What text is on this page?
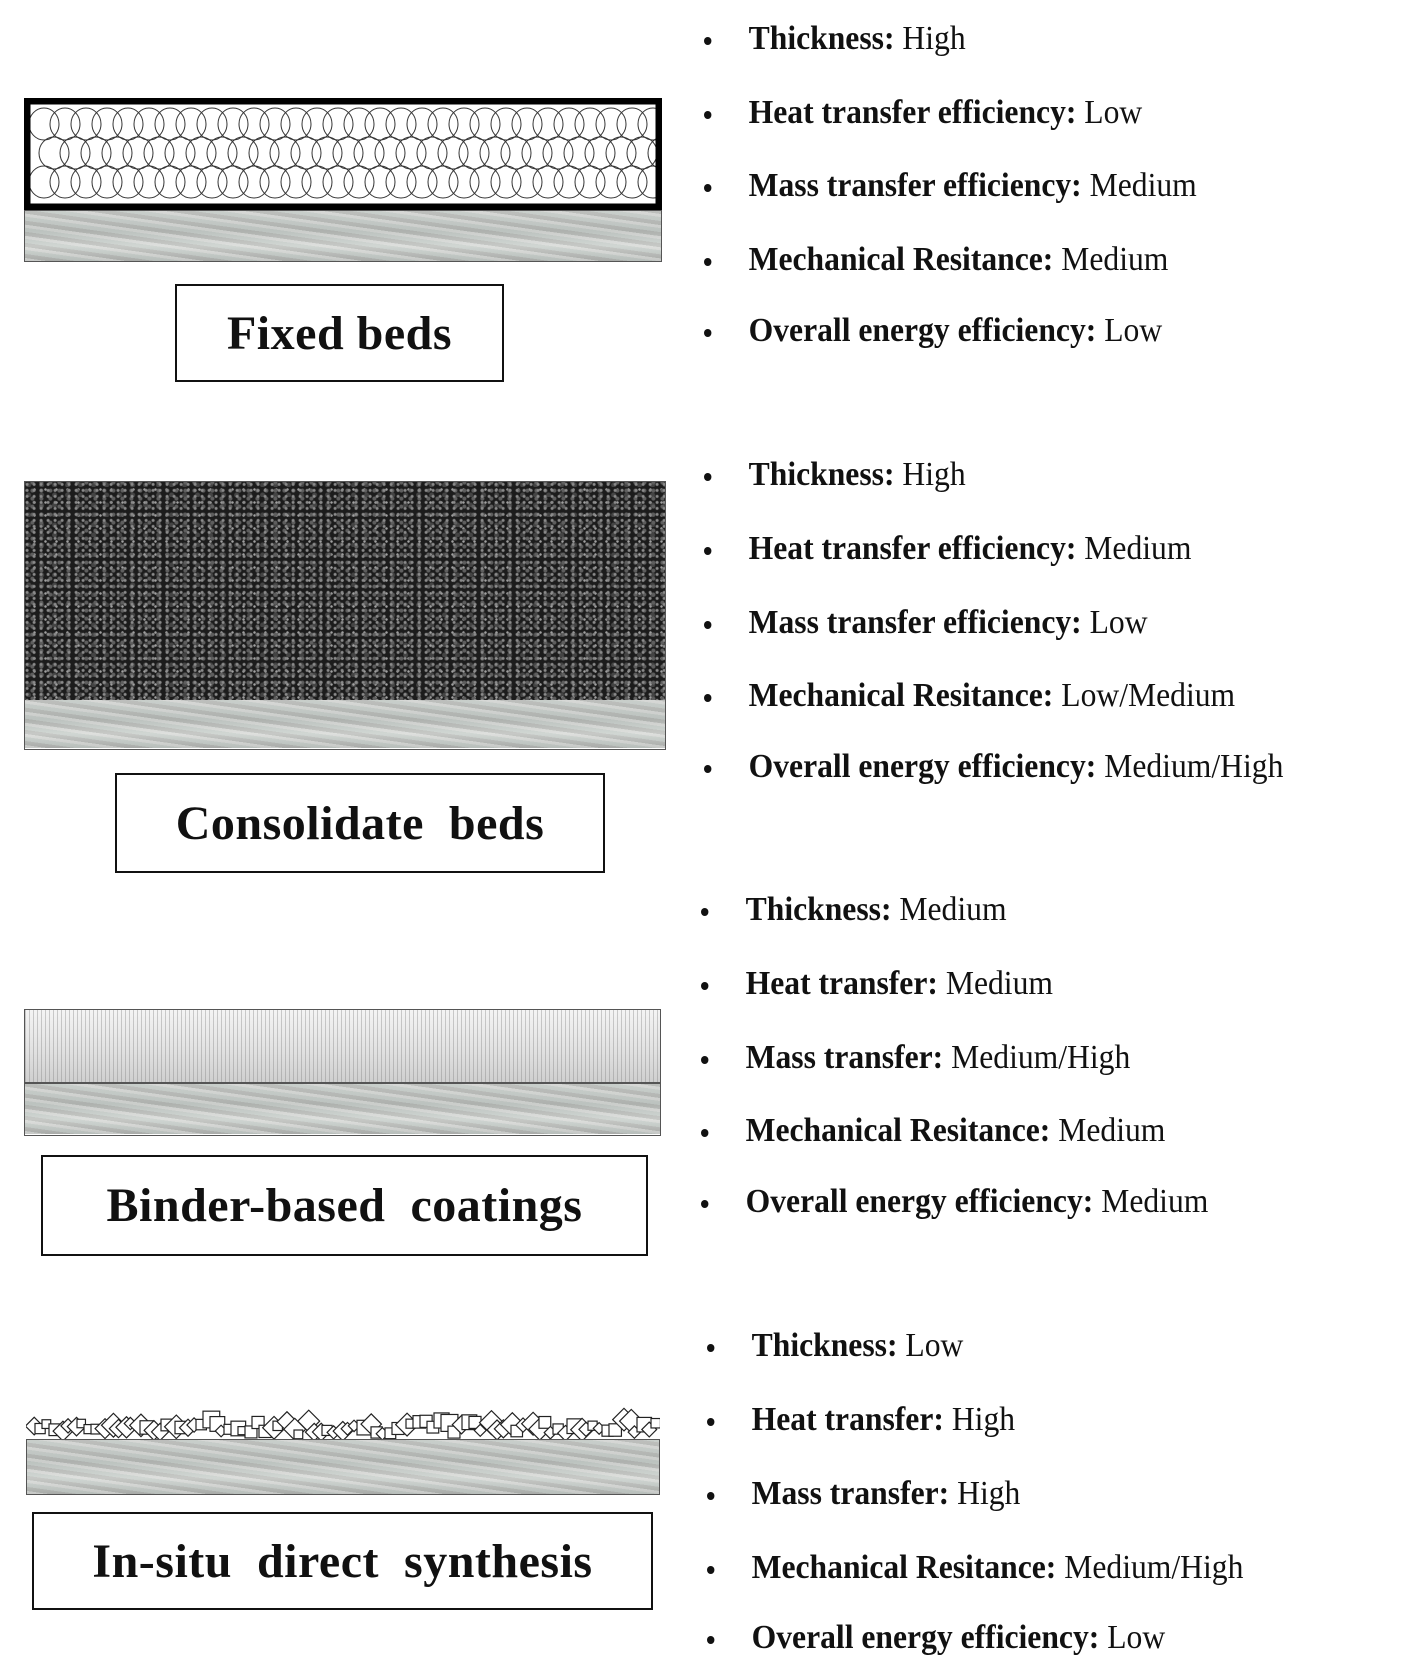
Fixed beds
Thickness: High
Heat transfer efficiency: Low
Mass transfer efficiency: Medium
Mechanical Resitance: Medium
Overall energy efficiency: Low
Consolidate  beds
Thickness: High
Heat transfer efficiency: Medium
Mass transfer efficiency: Low
Mechanical Resitance: Low/Medium
Overall energy efficiency: Medium/High
Binder-based  coatings
Thickness: Medium
Heat transfer: Medium
Mass transfer: Medium/High
Mechanical Resitance: Medium
Overall energy efficiency: Medium
In-situ  direct  synthesis
Thickness: Low
Heat transfer: High
Mass transfer: High
Mechanical Resitance: Medium/High
Overall energy efficiency: Low
